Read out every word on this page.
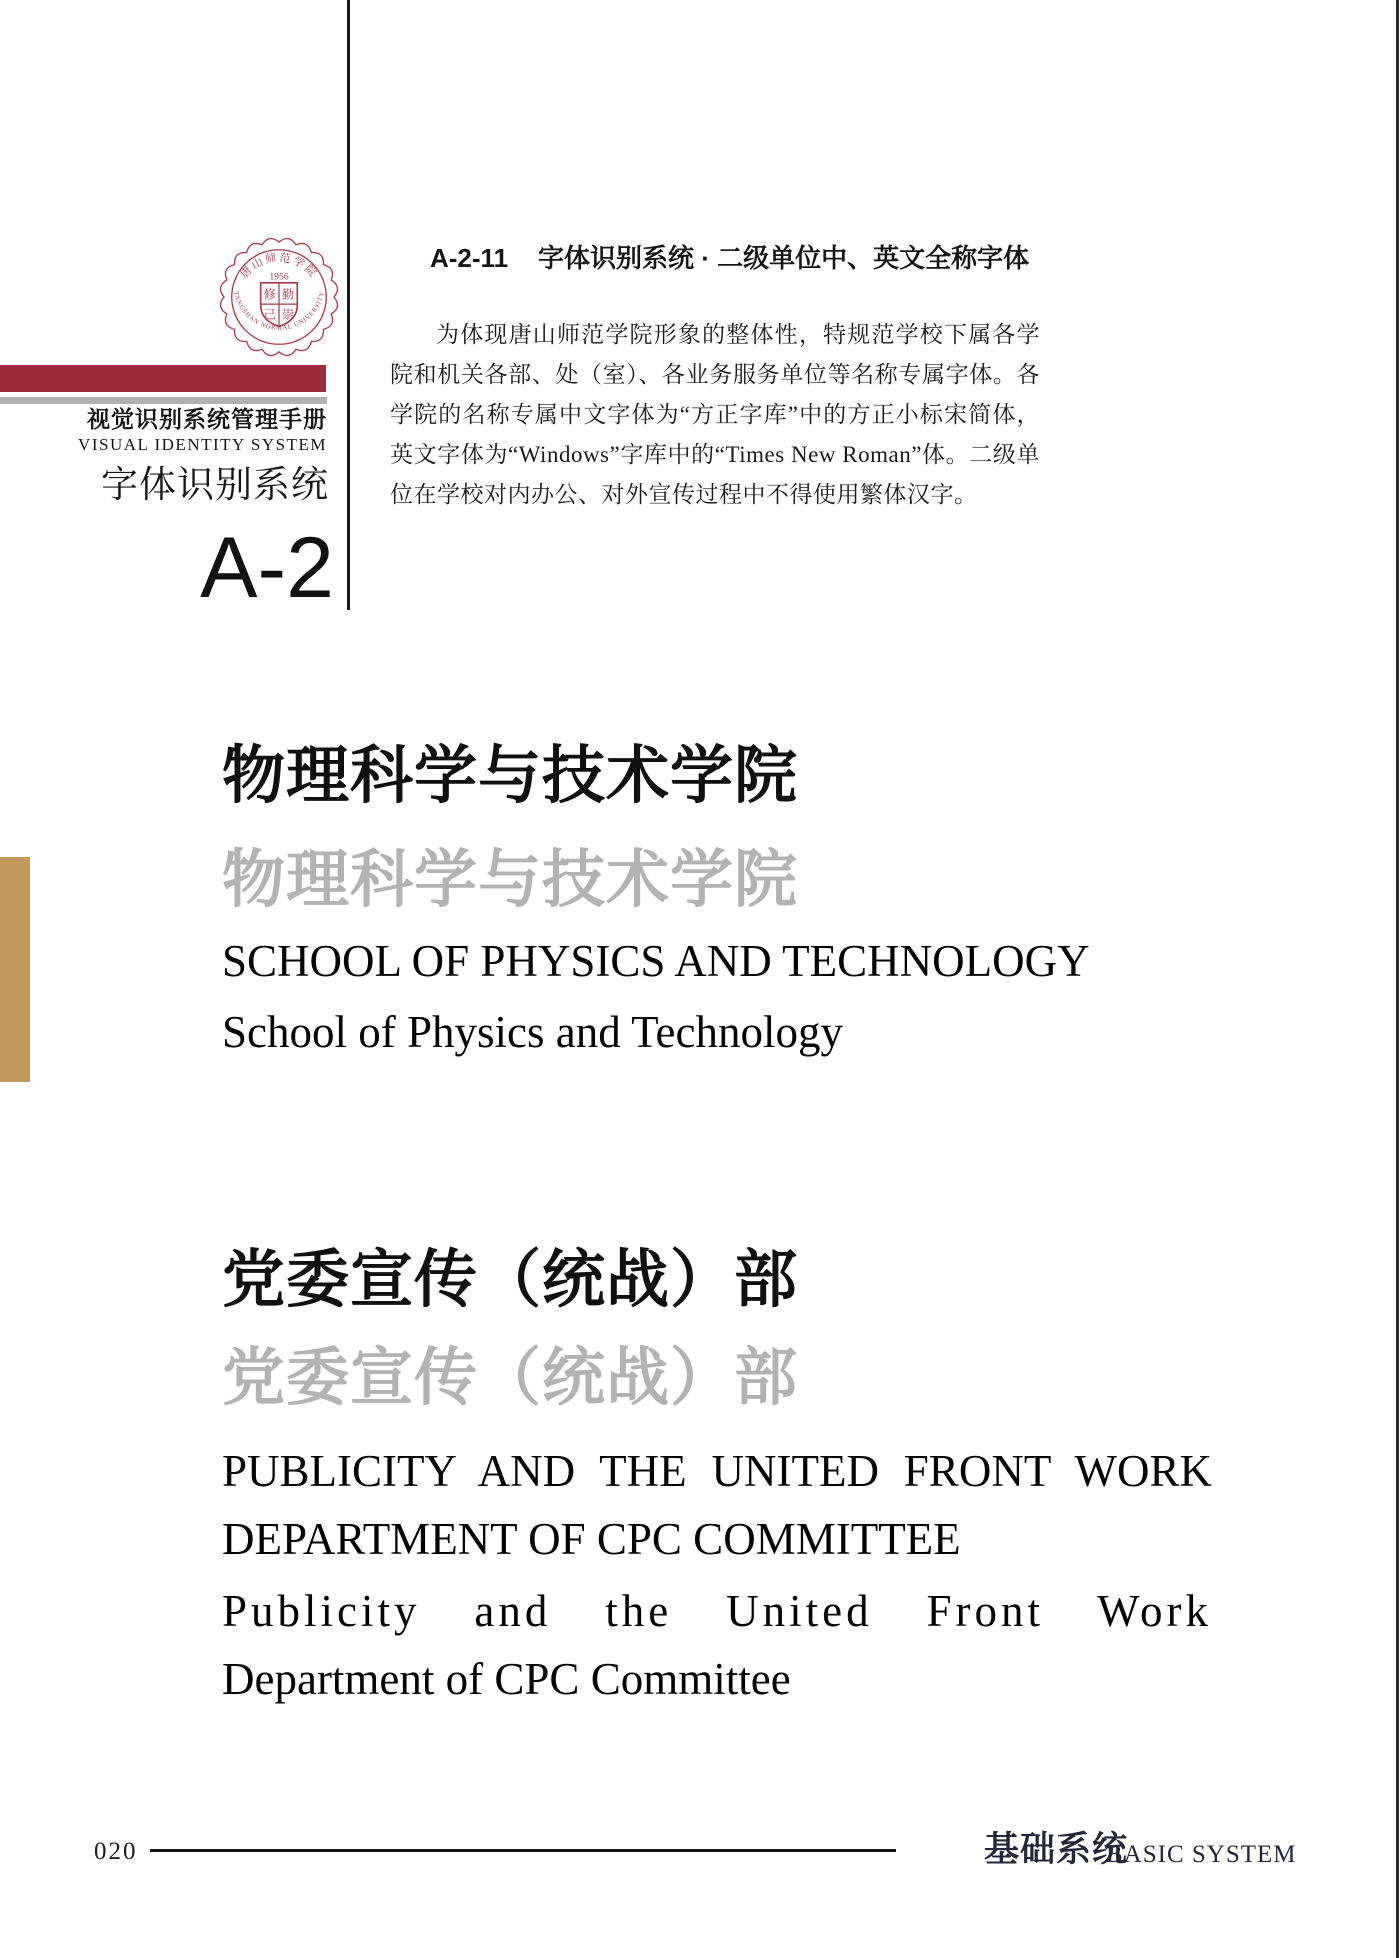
唐山师范学院
1956
修 勤
己 崇
TANGSHAN NORMAL UNIVERSITY
视觉识别系统管理手册
VISUAL IDENTITY SYSTEM
字体识别系统
A-2
A-2-11 字体识别系统 · 二级单位中、英文全称字体
为体现唐山师范学院形象的整体性，特规范学校下属各学院和机关各部、处（室）、各业务服务单位等名称专属字体。各学院的名称专属中文字体为“方正字库”中的方正小标宋简体，英文字体为“Windows”字库中的“Times New Roman”体。二级单位在学校对内办公、对外宣传过程中不得使用繁体汉字。
物理科学与技术学院
物理科学与技术学院
SCHOOL OF PHYSICS AND TECHNOLOGY
School of Physics and Technology
党委宣传（统战）部
党委宣传（统战）部
PUBLICITY AND THE UNITED FRONT WORK
DEPARTMENT OF CPC COMMITTEE
Publicity and the United Front Work
Department of CPC Committee
020	基础系统
BASIC SYSTEM
